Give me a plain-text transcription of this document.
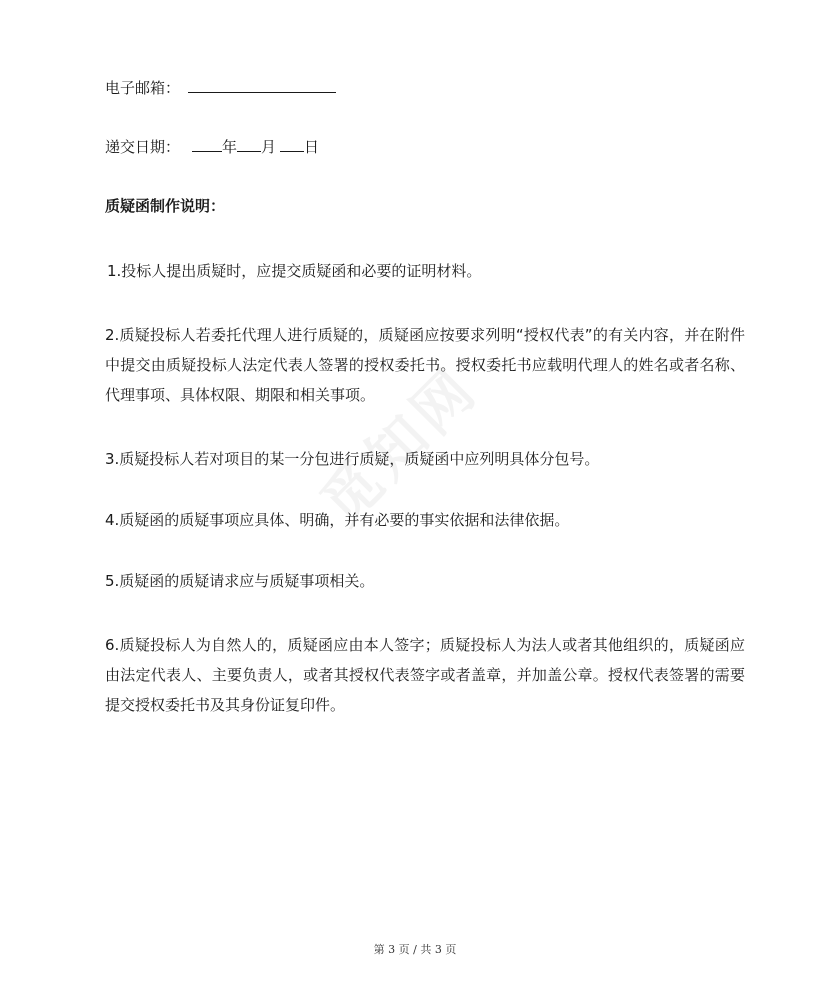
电子邮箱：
递交日期：	年 月 日
质疑函制作说明：
1.投标人提出质疑时，应提交质疑函和必要的证明材料。
2.质疑投标人若委托代理人进行质疑的，质疑函应按要求列明“授权代表”的有关内容，并在附件中提交由质疑投标人法定代表人签署的授权委托书。授权委托书应载明代理人的姓名或者名称、代理事项、具体权限、期限和相关事项。
3.质疑投标人若对项目的某一分包进行质疑，质疑函中应列明具体分包号。
4.质疑函的质疑事项应具体、明确，并有必要的事实依据和法律依据。
5.质疑函的质疑请求应与质疑事项相关。
6.质疑投标人为自然人的，质疑函应由本人签字；质疑投标人为法人或者其他组织的，质疑函应由法定代表人、主要负责人，或者其授权代表签字或者盖章，并加盖公章。授权代表签署的需要提交授权委托书及其身份证复印件。
第 3 页 / 共 3 页
